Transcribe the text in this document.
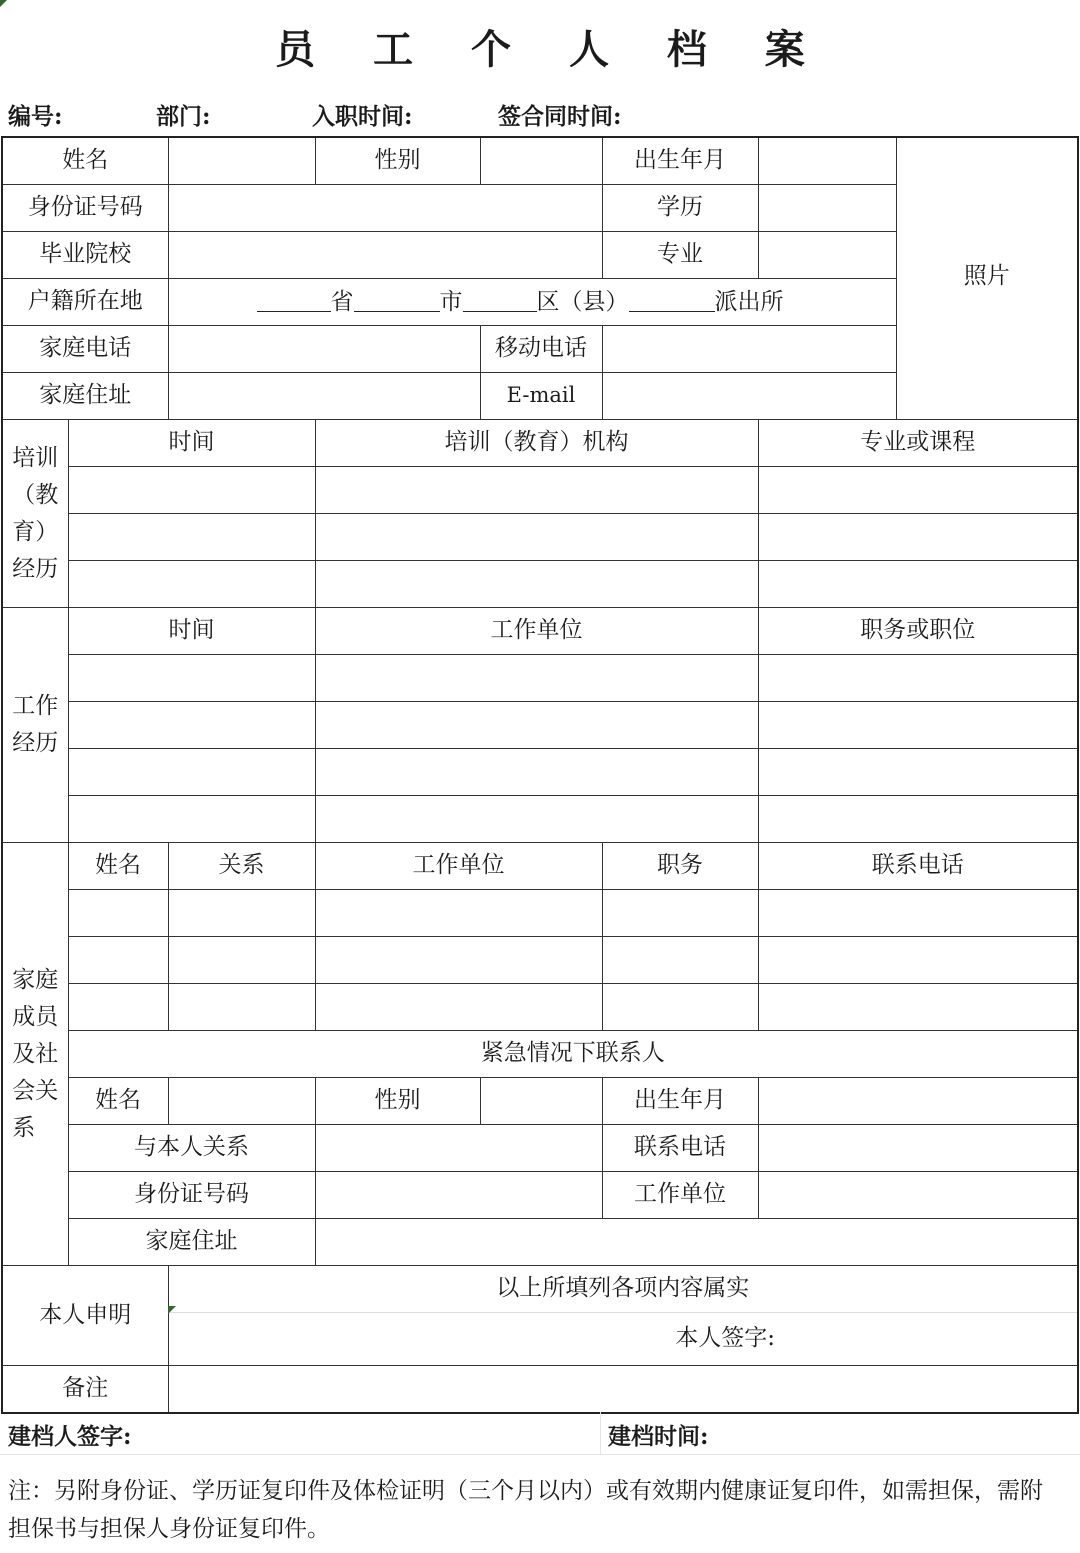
员 工 个 人 档 案
编号:	部门:	入职时间:	签合同时间:
姓名			性别		出生年月		照片
身份证号码					学历		
毕业院校					专业		
户籍所在地		省 市 区（县） 派出所					
家庭电话				移动电话			
家庭住址				E-mail			

培训（教育）经历	时间		培训（教育）机构			专业或课程	

工作经历	时间		工作单位			职务或职位	

家庭成员及社会关系	姓名	关系	工作单位		职务	联系电话	

	紧急情况下联系人						
	姓名		性别		出生年月		
	与本人关系				联系电话		
	身份证号码				工作单位		
	家庭住址						
本人申明		以上所填列各项内容属实					
		本人签字:					
备注							
建档人签字:	建档时间:
注：另附身份证、学历证复印件及体检证明（三个月以内）或有效期内健康证复印件，如需担保，需附担保书与担保人身份证复印件。
